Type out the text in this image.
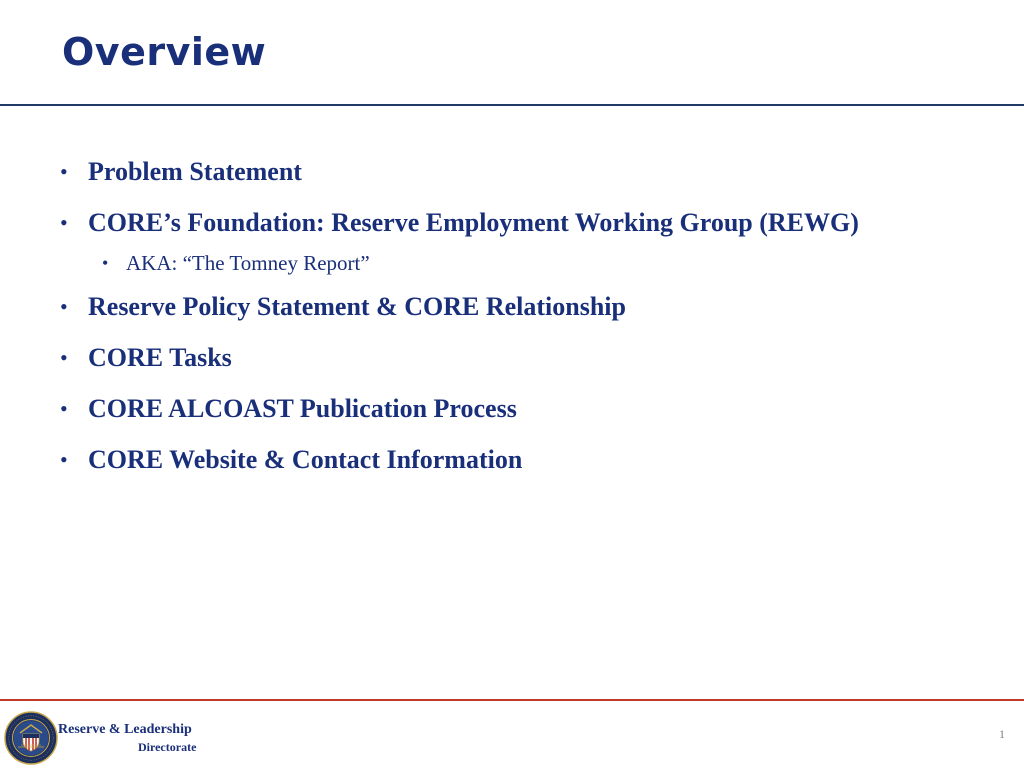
Overview
• Problem Statement
• CORE’s Foundation: Reserve Employment Working Group (REWG)
• AKA: “The Tomney Report”
• Reserve Policy Statement & CORE Relationship
• CORE Tasks
• CORE ALCOAST Publication Process
• CORE Website & Contact Information
Reserve & Leadership
Directorate
1
